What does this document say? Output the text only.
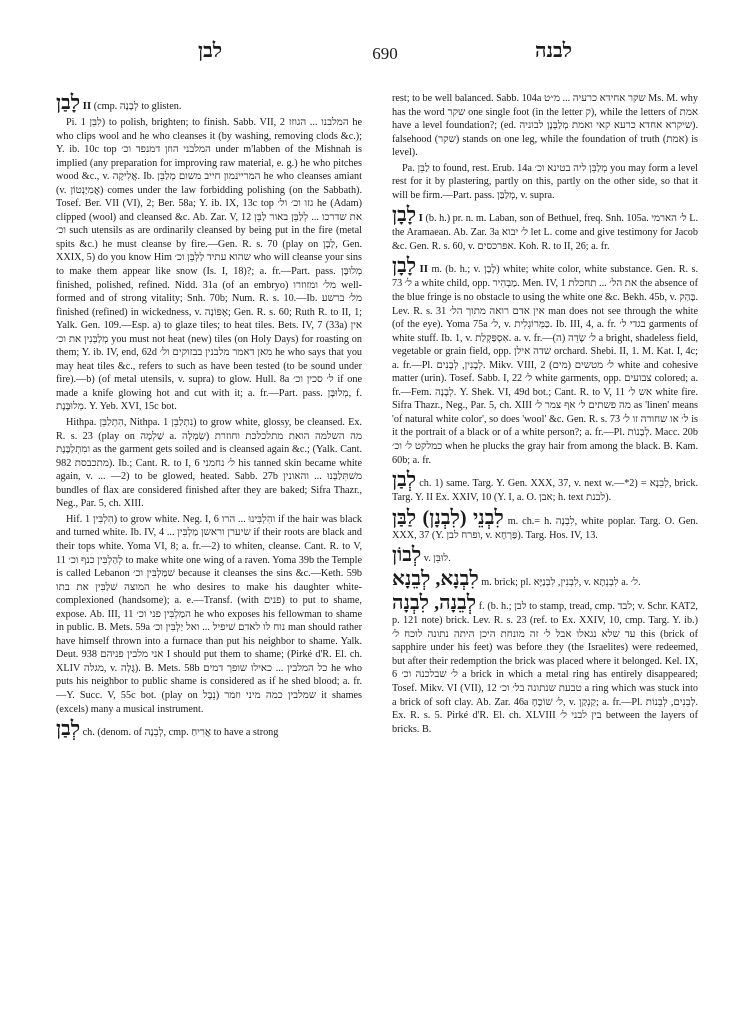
לבן	690	לבנה

לָבַן II (cmp. לְבָנָה to glisten.

Pi. לִבֵּן 1) to polish, brighten; to finish. Sabb. VII, 2 המלבנו ... הגוזז he who clips wool and he who cleanses it (by washing, removing clods &c.); Y. ib. 10c top המלבני הוזן דמנפד וכ׳ under m'labben of the Mishnah is implied (any preparation for improving raw material, e. g.) he who pitches wood &c., v. אֲלִיקָה. Ib. המריינמון חייב משום מְלַבֵּן he who cleanses amiant (v. אֲמִיַּנְטוֹן) comes under the law forbidding polishing (on the Sabbath). Tosef. Ber. VII (VI), 2; Ber. 58a; Y. ib. IX, 13c top גזו וכ׳ ול׳ he (Adam) clipped (wool) and cleansed &c. Ab. Zar. V, 12 את שדרכו ... לְלַבֵּן באור לַבֵּן וכ׳ such utensils as are ordinarily cleansed by being put in the fire (metal spits &c.) he must cleanse by fire.—Gen. R. s. 70 (play on לָבָן, Gen. XXIX, 5) do you know Him שהוא עתיד לַלְבֵּן וכ׳ who will cleanse your sins to make them appear like snow (Is. I, 18)?; a. fr.—Part. pass. מְלוּבָּן finished, polished, refined. Nidd. 31a (of an embryo) מל׳ ומזוזרו well-formed and of strong vitality; Snh. 70b; Num. R. s. 10.—Ib. מל׳ ברשע finished (refined) in wickedness, v. אֶפּוֹנָה; Gen. R. s. 60; Ruth R. to II, 1; Yalk. Gen. 109.—Esp. a) to glaze tiles; to heat tiles. Bets. IV, 7 (33a) אין מְלַבְּנִין את וכ׳ you must not heat (new) tiles (on Holy Days) for roasting on them; Y. ib. IV, end, 62d מאן דאמר מלבנין בבזוקים ול׳ he who says that you may heat tiles &c., refers to such as have been tested (to be sound under fire).—b) (of metal utensils, v. supra) to glow. Hull. 8a ל׳ סכין וכ׳ if one made a knife glowing hot and cut with it; a. fr.—Part. pass. מְלוּבָּן, f. מְלוּבֶּנֶת. Y. Yeb. XVI, 15c bot.

Hithpa. הִתְלַבֵּן, Nithpa. נִתְלַבֵּן 1) to grow white, glossy, be cleansed. Ex. R. s. 23 (play on שַׁלְמָה a. שִׂמְלָה) מה השלמה הואת מתלכלכת וחוזרת ומִתְלַבֶּנֶת as the garment gets soiled and is cleansed again &c.; (Yalk. Cant. 982 מתכבסת). Ib.; Cant. R. to I, 6 ל׳ נחמני his tanned skin became white again, v. ... —2) to be glowed, heated. Sabb. 27b משׁתִּלַבְּנוּ ... והאונין bundles of flax are considered finished after they are baked; Sifra Thazr., Neg., Par. 5, ch. XIII.

Hif. הִלְבִּין 1) to grow white. Neg. I, 6 והִלְבִּינוּ ... הרו if the hair was black and turned white. Ib. IV, 4 ... שׂיערן וראשן מַלְבִּין if their roots are black and their tops white. Yoma VI, 8; a. fr.—2) to whiten, cleanse. Cant. R. to V, 11 לְהַלְבִּין כנף וכ׳ to make white one wing of a raven. Yoma 39b the Temple is called Lebanon שׁמַּלְבִּין וכ׳ because it cleanses the sins &c.—Keth. 59b המוצה שׁלַבִּין את בתו he who desires to make his daughter white-complexioned (handsome); a. e.—Transf. (with פנים) to put to shame, expose. Ab. III, 11 המַלְבִּין פני וכ׳ he who exposes his fellowman to shame in public. B. Mets. 59a נוח לו לאדם שׁיפיל ... ואל יַלְבִּין וכ׳ man should rather have himself thrown into a furnace than put his neighbor to shame. Yalk. Deut. 938 אני מלבין פניהם I should put them to shame; (Pirké d'R. El. ch. XLIV מגלה, v. גָּלָה). B. Mets. 58b כל המלבין ... כאילו שופך דמים he who puts his neighbor to public shame is considered as if he shed blood; a. fr.—Y. Succ. V, 55c bot. (play on נֵבֶל) שמלבין כמה מיני וזמר it shames (excels) many a musical instrument.

לְבַן ch. (denom. of לְבֵנָה, cmp. אֲרִיחַ to have a strong

rest; to be well balanced. Sabb. 104a שקר אחידא כרעיה ... מ״ט Ms. M. why has the word שקר one single foot (in the letter ק), while the letters of אמת have a level foundation?; (ed. שיקרא אחדא כרעא קאי ואמת מְלַבְּנָן לבוניה). falsehood (שקר) stands on one leg, while the foundation of truth (אמת) is level).

Pa. לַבֵּן to found, rest. Erub. 14a מְלַבֵּן ליה בטינא וכ׳ you may form a level rest for it by plastering, partly on this, partly on the other side, so that it will be firm.—Part. pass. מְלַבַּן, v. supra.

לָבָן I (b. h.) pr. n. m. Laban, son of Bethuel, freq. Snh. 105a. ל׳ הארמי L. the Aramaean. Ab. Zar. 3a ל׳ יבוא let L. come and give testimony for Jacob &c. Gen. R. s. 60, v. אפרכסים. Koh. R. to II, 26; a. fr.

לָבָן II m. (b. h.; v. לָבַן) white; white color, white substance. Gen. R. s. 73 ל׳ a white child, opp. מַבְהִיר. Men. IV, 1 את הל׳ ... תחכלת the absence of the blue fringe is no obstacle to using the white one &c. Bekh. 45b, v. בָּהַק. Lev. R. s. 31 אין אדם רואה מתוך הל׳ man does not see through the white (of the eye). Yoma 75a ל׳, v. כַּמְּרוֹגְלִית. Ib. III, 4, a. fr. בגדי ל׳ garments of white stuff. Ib. 1, v. אִסְפַּקְלַת. a. v. fr.—ל׳ שָׂדֵה (ה) a bright, shadeless field, vegetable or grain field, opp. שדה אילן orchard. Shebi. II, 1. M. Kat. I, 4c; a. fr.—Pl. לְבָנִין, לְבָנִים. Mikv. VIII, 2 (מים) ל׳ מטשים white and cohesive matter (urin). Tosef. Sabb. I, 22 ל׳ white garments, opp. צבועים colored; a. fr.—Fem. לְבָנָה. Y. Shek. VI, 49d bot.; Cant. R. to V, 11 אש ל׳ white fire. Sifra Thazr., Neg., Par. 5, ch. XIII מה פשתים ל׳ אף צמר ל׳ as 'linen' means 'of natural white color', so does 'wool' &c. Gen. R. s. 73 ל׳ או שחורה זו ל׳ is it the portrait of a black or of a white person?; a. fr.—Pl. לְבָנוֹת. Macc. 20b כמלקט ל׳ וכ׳ when he plucks the gray hair from among the black. B. Kam. 60b; a. fr.

לְבַן ch. 1) same. Targ. Y. Gen. XXX, 37, v. next w.—*2) = לְבֵנָא, brick. Targ. Y. II Ex. XXIV, 10 (Y. I, a. O. אבן; h. text לבנת).

לִבְנֵי (לִבְנָן) לַבַּן m. ch.= h. לִבְנֶה, white poplar. Targ. O. Gen. XXX, 37 (Y. ופרח לבן, v. פַּרְחָא). Targ. Hos. IV, 13.

לְבוֹן v. לוּבֵּן.

לִבְנָא, לְבֵנָא m. brick; pl. לִבְנִין, לִבְנַיָּא, v. לִבְנְתָא a. ל׳.

לְבֵנָה, לִבְנָה f. (b. h.; לבן to stamp, tread, cmp. לבד; v. Schr. KAT2, p. 121 note) brick. Lev. R. s. 23 (ref. to Ex. XXIV, 10, cmp. Targ. Y. ib.) עד שלא נגאלו אבל ל׳ זה מונחת היכן היתה נתונה לוכח ל׳ this (brick of sapphire under his feet) was before they (the Israelites) were redeemed, but after their redemption the brick was placed where it belonged. Kel. IX, 6 ל׳ שבלכנה וכ׳ a brick in which a metal ring has entirely disappeared; Tosef. Mikv. VI (VII), 12 טבעת שנתונה בל׳ וכ׳ a ring which was stuck into a brick of soft clay. Ab. Zar. 46a ל׳ שׁוֹכֶחָ, v. קַנְקַן; a. fr.—Pl. לְבֵנִים, לְבֵנוֹת. Ex. R. s. 5. Pirké d'R. El. ch. XLVIII בין לבני ל׳ between the layers of bricks. B.
